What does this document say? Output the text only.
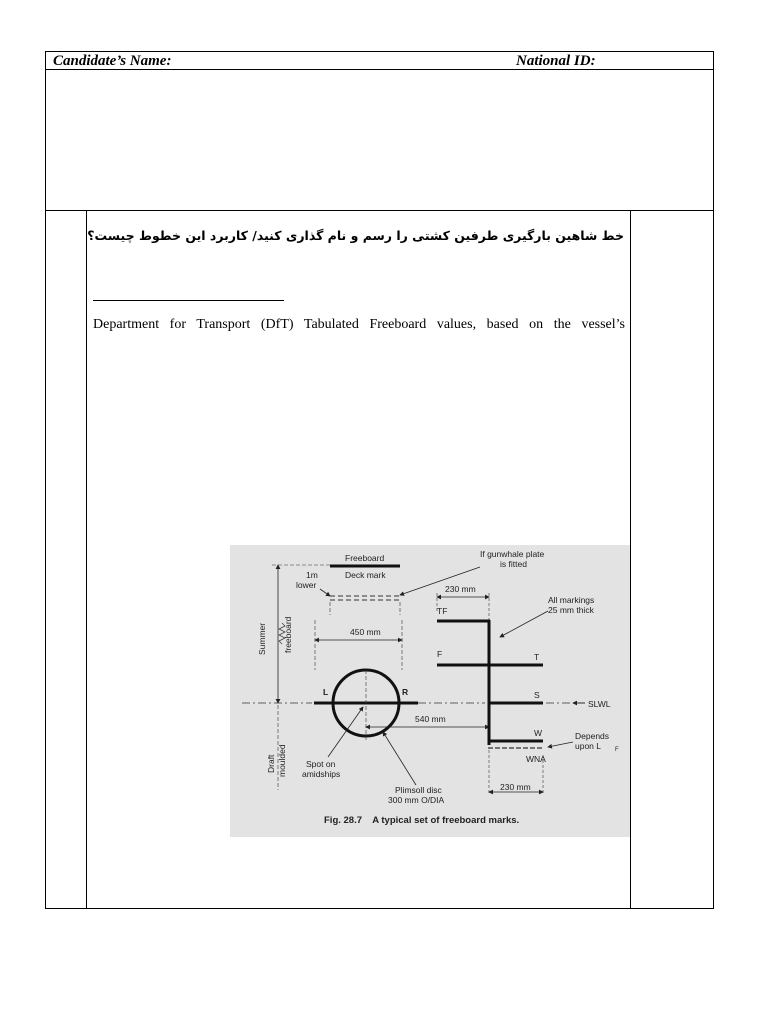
Candidate’s Name:	National ID:
خط شاهین بارگیری طرفین کشتی را رسم و نام گذاری کنید/ کاربرد این خطوط چیست؟
Department for Transport (DfT) Tabulated Freeboard values, based on the vessel’s
Freeboard
Deck mark
1m
lower
If gunwhale plate
is fitted
230 mm
All markings
25 mm thick
450 mm
Summer freeboard
Draft moulded
L	R
540 mm
TF
F	T
S
SLWL
W
WNA
Depends
upon L F
230 mm
Spot on
amidships
Plimsoll disc
300 mm O/DIA
Fig. 28.7    A typical set of freeboard marks.
